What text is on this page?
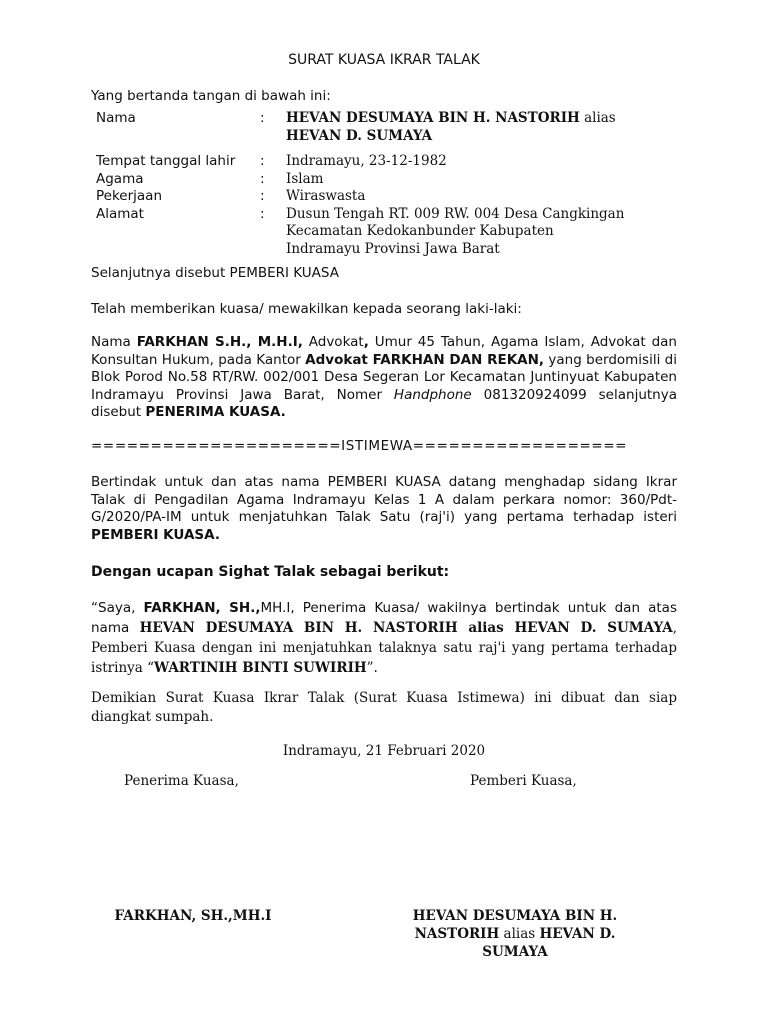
SURAT KUASA IKRAR TALAK
Yang bertanda tangan di bawah ini:
Nama	:	HEVAN DESUMAYA BIN H. NASTORIH alias
HEVAN D. SUMAYA

Tempat tanggal lahir	:	Indramayu, 23-12-1982
Agama	:	Islam
Pekerjaan	:	Wiraswasta
Alamat	:	Dusun Tengah RT. 009 RW. 004 Desa Cangkingan
Kecamatan Kedokanbunder Kabupaten
Indramayu Provinsi Jawa Barat
Selanjutnya disebut PEMBERI KUASA
Telah memberikan kuasa/ mewakilkan kepada seorang laki-laki:
Nama FARKHAN S.H., M.H.I, Advokat, Umur 45 Tahun, Agama Islam, Advokat dan Konsultan Hukum, pada Kantor Advokat FARKHAN DAN REKAN, yang berdomisili di Blok Porod No.58 RT/RW. 002/001 Desa Segeran Lor Kecamatan Juntinyuat Kabupaten Indramayu Provinsi Jawa Barat, Nomer Handphone 081320924099 selanjutnya disebut PENERIMA KUASA.
=====================ISTIMEWA==================
Bertindak untuk dan atas nama PEMBERI KUASA datang menghadap sidang Ikrar Talak di Pengadilan Agama Indramayu Kelas 1 A dalam perkara nomor: 360/Pdt-G/2020/PA-IM untuk menjatuhkan Talak Satu (raj'i) yang pertama terhadap isteri PEMBERI KUASA.
Dengan ucapan Sighat Talak sebagai berikut:
“Saya, FARKHAN, SH.,MH.I, Penerima Kuasa/ wakilnya bertindak untuk dan atas nama HEVAN DESUMAYA BIN H. NASTORIH alias HEVAN D. SUMAYA, Pemberi Kuasa dengan ini menjatuhkan talaknya satu raj'i yang pertama terhadap istrinya “WARTINIH BINTI SUWIRIH”.
Demikian Surat Kuasa Ikrar Talak (Surat Kuasa Istimewa) ini dibuat dan siap diangkat sumpah.
Indramayu, 21 Februari 2020
Penerima Kuasa,	Pemberi Kuasa,
FARKHAN, SH.,MH.I	HEVAN DESUMAYA BIN H.
NASTORIH alias HEVAN D.
SUMAYA
